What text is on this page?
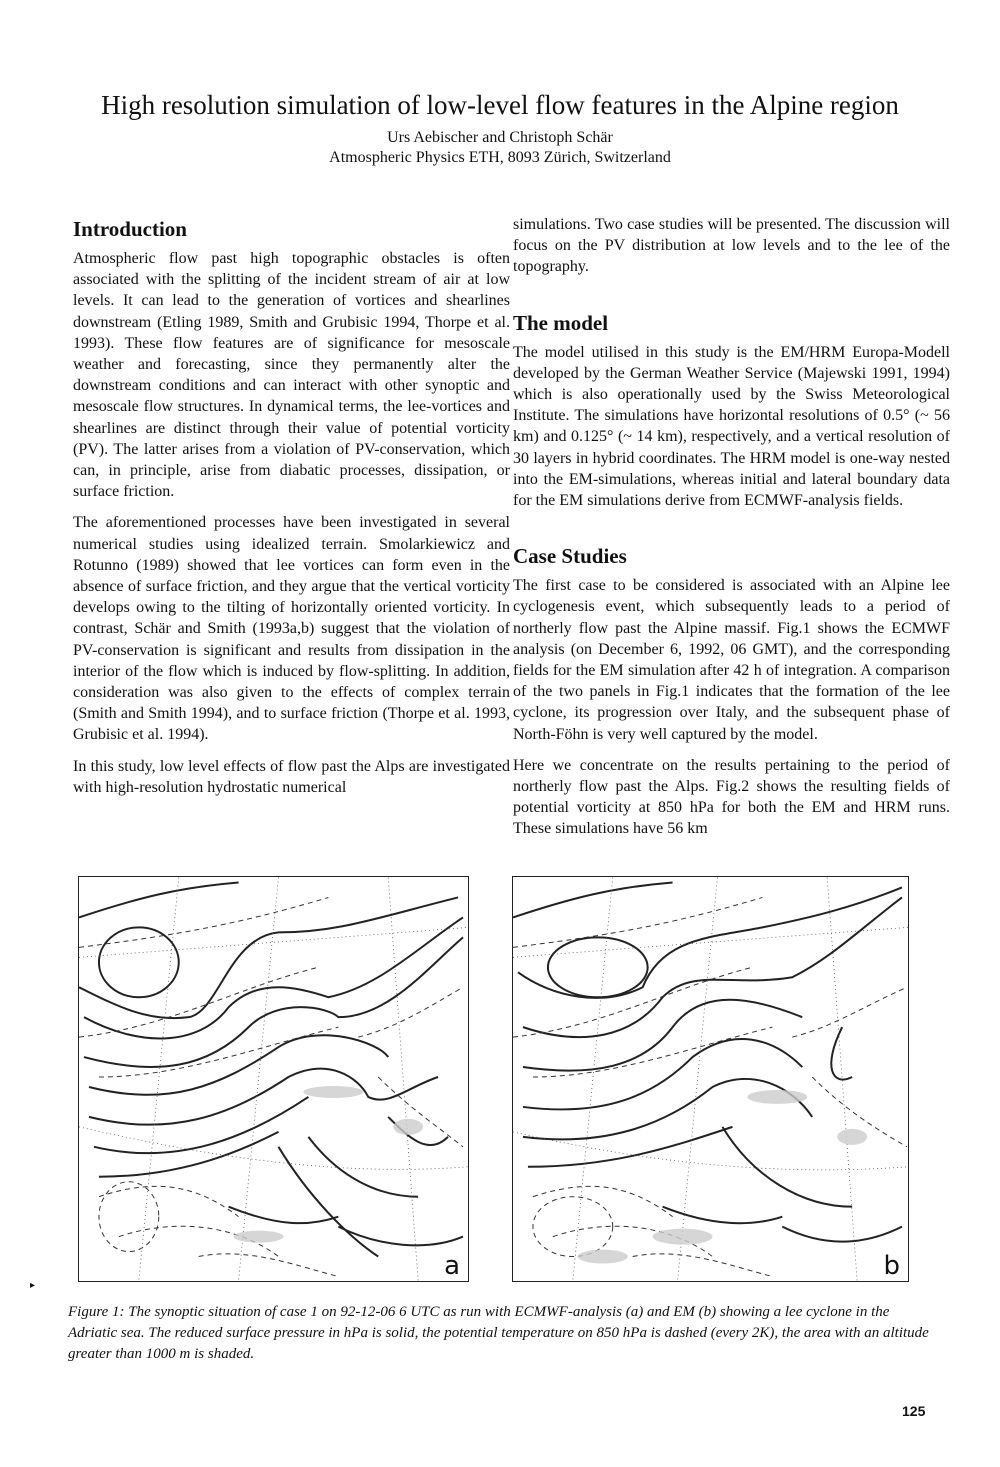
High resolution simulation of low-level flow features in the Alpine region
Urs Aebischer and Christoph Schär
Atmospheric Physics ETH, 8093 Zürich, Switzerland
Introduction

Atmospheric flow past high topographic obstacles is often associated with the splitting of the incident stream of air at low levels. It can lead to the generation of vortices and shearlines downstream (Etling 1989, Smith and Grubisic 1994, Thorpe et al. 1993). These flow features are of significance for mesoscale weather and forecasting, since they permanently alter the downstream conditions and can interact with other synoptic and mesoscale flow structures. In dynamical terms, the lee-vortices and shearlines are distinct through their value of potential vorticity (PV). The latter arises from a violation of PV-conservation, which can, in principle, arise from diabatic processes, dissipation, or surface friction.

The aforementioned processes have been investigated in several numerical studies using idealized terrain. Smolarkiewicz and Rotunno (1989) showed that lee vortices can form even in the absence of surface friction, and they argue that the vertical vorticity develops owing to the tilting of horizontally oriented vorticity. In contrast, Schär and Smith (1993a,b) suggest that the violation of PV-conservation is significant and results from dissipation in the interior of the flow which is induced by flow-splitting. In addition, consideration was also given to the effects of complex terrain (Smith and Smith 1994), and to surface friction (Thorpe et al. 1993, Grubisic et al. 1994).

In this study, low level effects of flow past the Alps are investigated with high-resolution hydrostatic numerical

simulations. Two case studies will be presented. The discussion will focus on the PV distribution at low levels and to the lee of the topography.

The model

The model utilised in this study is the EM/HRM Europa-Modell developed by the German Weather Service (Majewski 1991, 1994) which is also operationally used by the Swiss Meteorological Institute. The simulations have horizontal resolutions of 0.5° (~ 56 km) and 0.125° (~ 14 km), respectively, and a vertical resolution of 30 layers in hybrid coordinates. The HRM model is one-way nested into the EM-simulations, whereas initial and lateral boundary data for the EM simulations derive from ECMWF-analysis fields.

Case Studies

The first case to be considered is associated with an Alpine lee cyclogenesis event, which subsequently leads to a period of northerly flow past the Alpine massif. Fig.1 shows the ECMWF analysis (on December 6, 1992, 06 GMT), and the corresponding fields for the EM simulation after 42 h of integration. A comparison of the two panels in Fig.1 indicates that the formation of the lee cyclone, its progression over Italy, and the subsequent phase of North-Föhn is very well captured by the model.

Here we concentrate on the results pertaining to the period of northerly flow past the Alps. Fig.2 shows the resulting fields of potential vorticity at 850 hPa for both the EM and HRM runs. These simulations have 56 km

a	b
Figure 1: The synoptic situation of case 1 on 92-12-06 6 UTC as run with ECMWF-analysis (a) and EM (b) showing a lee cyclone in the Adriatic sea. The reduced surface pressure in hPa is solid, the potential temperature on 850 hPa is dashed (every 2K), the area with an altitude greater than 1000 m is shaded.
▸
125
